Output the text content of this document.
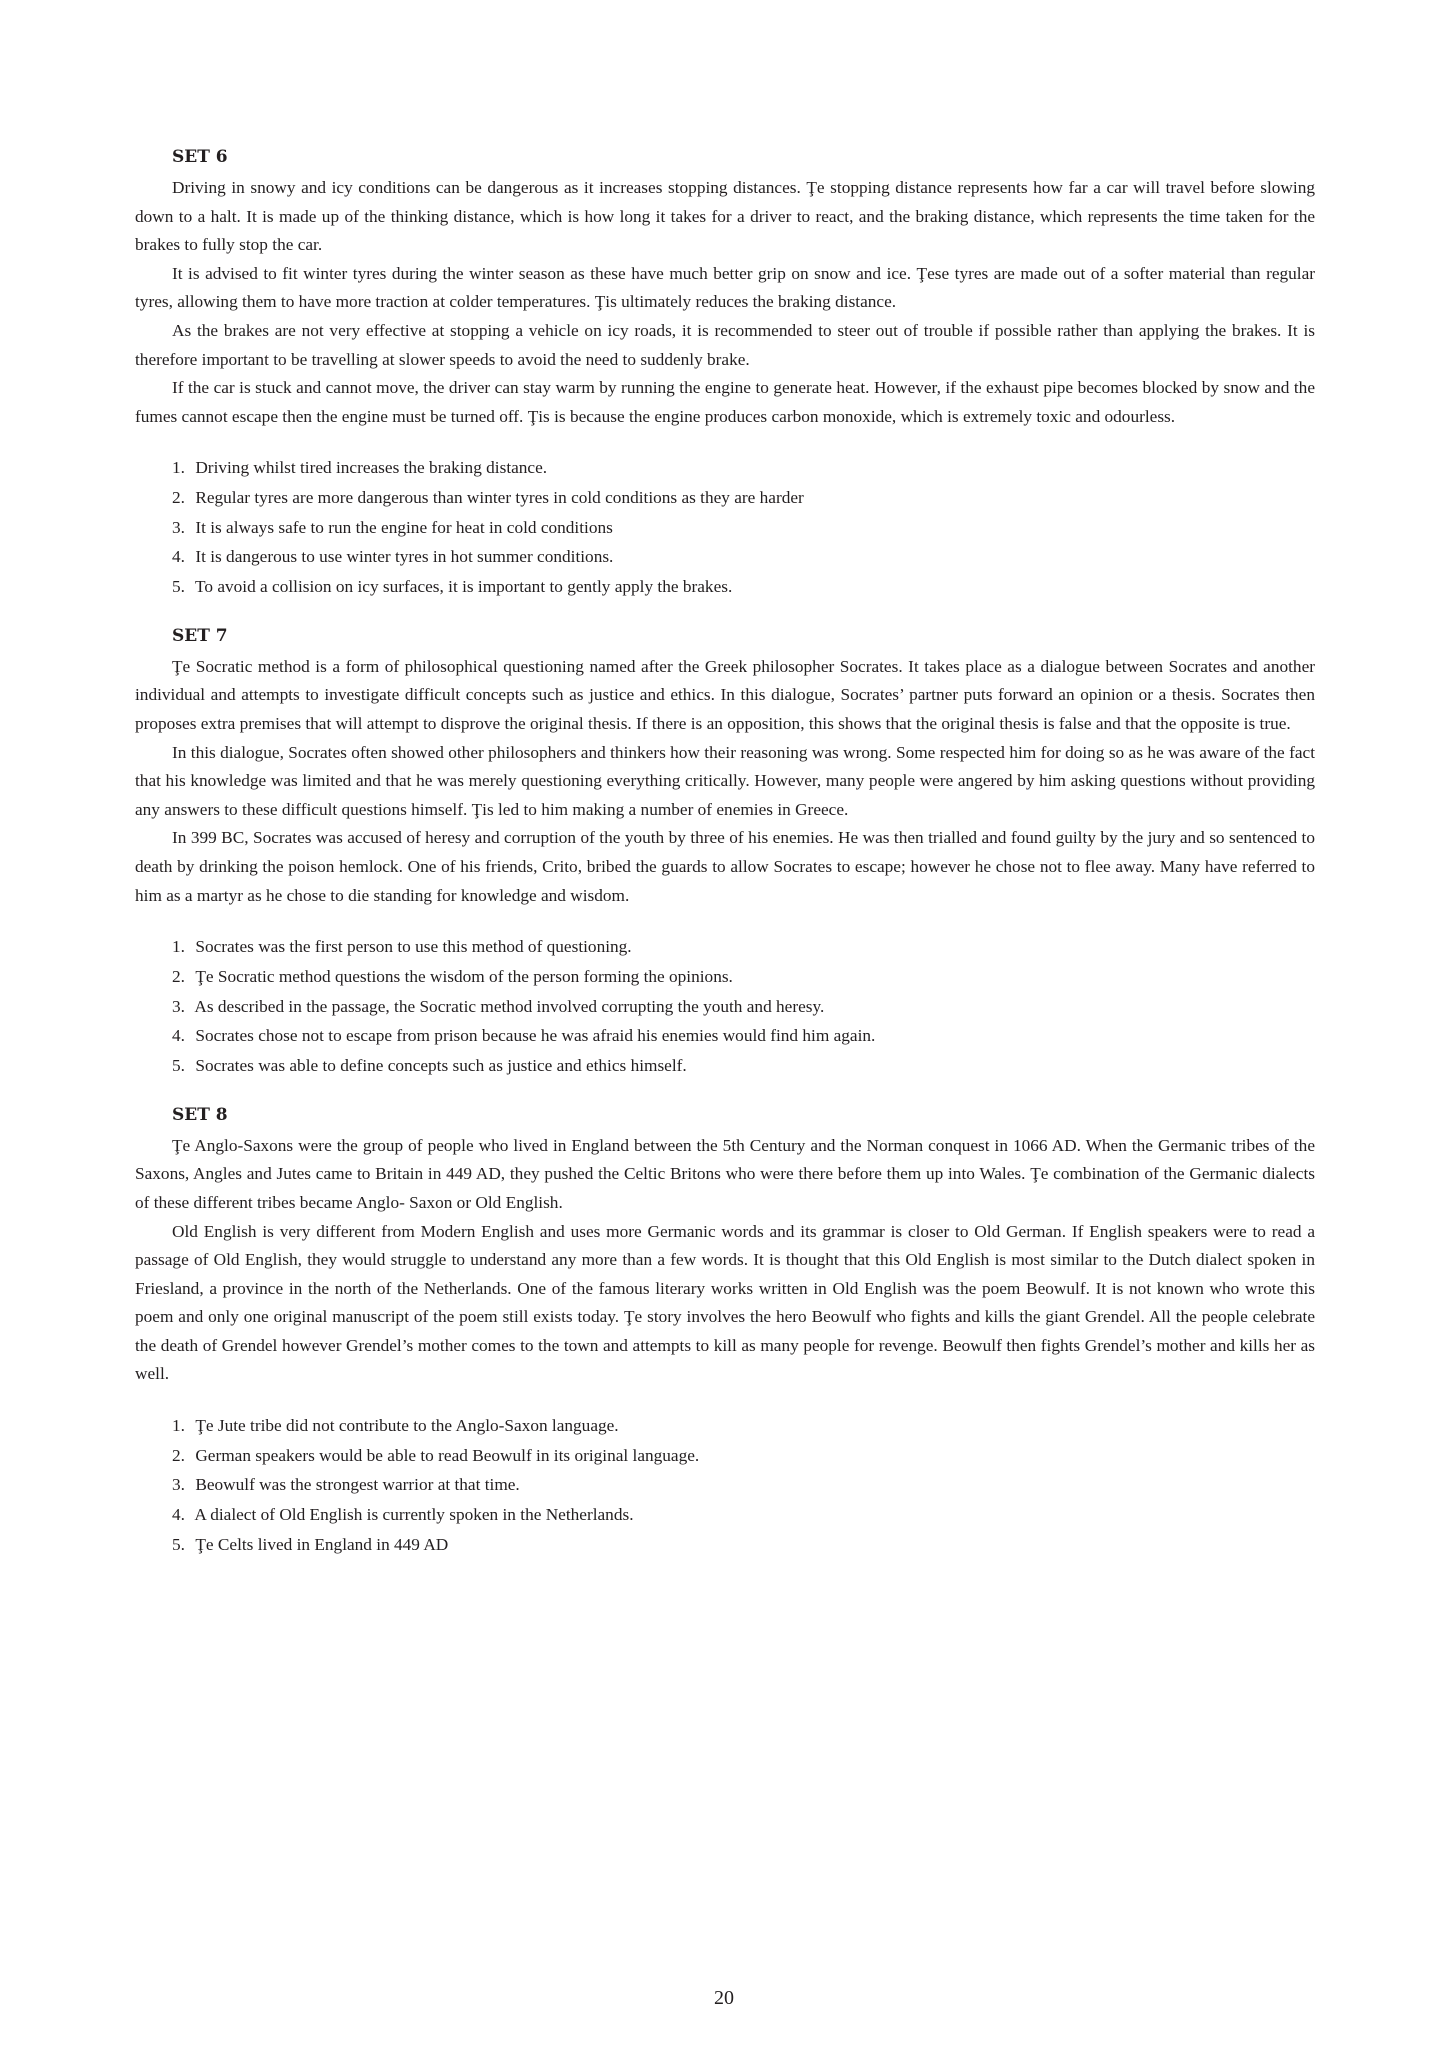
SET 6

Driving in snowy and icy conditions can be dangerous as it increases stopping distances. Ţe stopping distance represents how far a car will travel before slowing down to a halt. It is made up of the thinking distance, which is how long it takes for a driver to react, and the braking distance, which represents the time taken for the brakes to fully stop the car.

It is advised to fit winter tyres during the winter season as these have much better grip on snow and ice. Ţese tyres are made out of a softer material than regular tyres, allowing them to have more traction at colder temperatures. Ţis ultimately reduces the braking distance.

As the brakes are not very effective at stopping a vehicle on icy roads, it is recommended to steer out of trouble if possible rather than applying the brakes. It is therefore important to be travelling at slower speeds to avoid the need to suddenly brake.

If the car is stuck and cannot move, the driver can stay warm by running the engine to generate heat. However, if the exhaust pipe becomes blocked by snow and the fumes cannot escape then the engine must be turned off. Ţis is because the engine produces carbon monoxide, which is extremely toxic and odourless.

1. Driving whilst tired increases the braking distance.
2. Regular tyres are more dangerous than winter tyres in cold conditions as they are harder
3. It is always safe to run the engine for heat in cold conditions
4. It is dangerous to use winter tyres in hot summer conditions.
5. To avoid a collision on icy surfaces, it is important to gently apply the brakes.
SET 7

Ţe Socratic method is a form of philosophical questioning named after the Greek philosopher Socrates. It takes place as a dialogue between Socrates and another individual and attempts to investigate difficult concepts such as justice and ethics. In this dialogue, Socrates’ partner puts forward an opinion or a thesis. Socrates then proposes extra premises that will attempt to disprove the original thesis. If there is an opposition, this shows that the original thesis is false and that the opposite is true.

In this dialogue, Socrates often showed other philosophers and thinkers how their reasoning was wrong. Some respected him for doing so as he was aware of the fact that his knowledge was limited and that he was merely questioning everything critically. However, many people were angered by him asking questions without providing any answers to these difficult questions himself. Ţis led to him making a number of enemies in Greece.

In 399 BC, Socrates was accused of heresy and corruption of the youth by three of his enemies. He was then trialled and found guilty by the jury and so sentenced to death by drinking the poison hemlock. One of his friends, Crito, bribed the guards to allow Socrates to escape; however he chose not to flee away. Many have referred to him as a martyr as he chose to die standing for knowledge and wisdom.

1. Socrates was the first person to use this method of questioning.
2. Ţe Socratic method questions the wisdom of the person forming the opinions.
3. As described in the passage, the Socratic method involved corrupting the youth and heresy.
4. Socrates chose not to escape from prison because he was afraid his enemies would find him again.
5. Socrates was able to define concepts such as justice and ethics himself.
SET 8

Ţe Anglo-Saxons were the group of people who lived in England between the 5th Century and the Norman conquest in 1066 AD. When the Germanic tribes of the Saxons, Angles and Jutes came to Britain in 449 AD, they pushed the Celtic Britons who were there before them up into Wales. Ţe combination of the Germanic dialects of these different tribes became Anglo- Saxon or Old English.

Old English is very different from Modern English and uses more Germanic words and its grammar is closer to Old German. If English speakers were to read a passage of Old English, they would struggle to understand any more than a few words. It is thought that this Old English is most similar to the Dutch dialect spoken in Friesland, a province in the north of the Netherlands. One of the famous literary works written in Old English was the poem Beowulf. It is not known who wrote this poem and only one original manuscript of the poem still exists today. Ţe story involves the hero Beowulf who fights and kills the giant Grendel. All the people celebrate the death of Grendel however Grendel’s mother comes to the town and attempts to kill as many people for revenge. Beowulf then fights Grendel’s mother and kills her as well.

1. Ţe Jute tribe did not contribute to the Anglo-Saxon language.
2. German speakers would be able to read Beowulf in its original language.
3. Beowulf was the strongest warrior at that time.
4. A dialect of Old English is currently spoken in the Netherlands.
5. Ţe Celts lived in England in 449 AD
20
